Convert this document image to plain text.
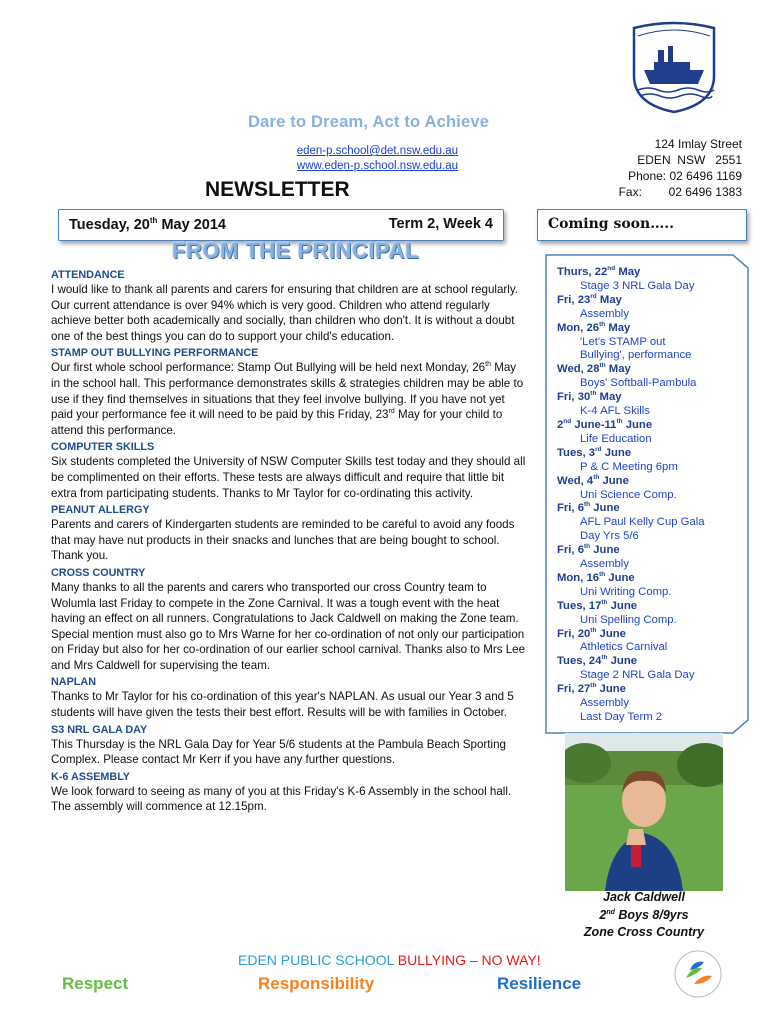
Dare to Dream, Act to Achieve
eden-p.school@det.nsw.edu.au
www.eden-p.school.nsw.edu.au
124 Imlay Street
EDEN NSW 2551
Phone: 02 6496 1169
Fax: 02 6496 1383
NEWSLETTER
Tuesday, 20th May 2014	Term 2, Week 4	Coming soon…..
FROM THE PRINCIPAL
ATTENDANCE

I would like to thank all parents and carers for ensuring that children are at school regularly. Our current attendance is over 94% which is very good. Children who attend regularly achieve better both academically and socially, than children who don't. It is without a doubt one of the best things you can do to support your child's education.

STAMP OUT BULLYING PERFORMANCE

Our first whole school performance: Stamp Out Bullying will be held next Monday, 26th May in the school hall. This performance demonstrates skills & strategies children may be able to use if they find themselves in situations that they feel involve bullying. If you have not yet paid your performance fee it will need to be paid by this Friday, 23rd May for your child to attend this performance.

COMPUTER SKILLS

Six students completed the University of NSW Computer Skills test today and they should all be complimented on their efforts. These tests are always difficult and require that little bit extra from participating students. Thanks to Mr Taylor for co-ordinating this activity.

PEANUT ALLERGY

Parents and carers of Kindergarten students are reminded to be careful to avoid any foods that may have nut products in their snacks and lunches that are being bought to school. Thank you.

CROSS COUNTRY

Many thanks to all the parents and carers who transported our cross Country team to Wolumla last Friday to compete in the Zone Carnival. It was a tough event with the heat having an effect on all runners. Congratulations to Jack Caldwell on making the Zone team. Special mention must also go to Mrs Warne for her co-ordination of not only our participation on Friday but also for her co-ordination of our earlier school carnival. Thanks also to Mrs Lee and Mrs Caldwell for supervising the team.

NAPLAN

Thanks to Mr Taylor for his co-ordination of this year's NAPLAN. As usual our Year 3 and 5 students will have given the tests their best effort. Results will be with families in October.

S3 NRL GALA DAY

This Thursday is the NRL Gala Day for Year 5/6 students at the Pambula Beach Sporting Complex. Please contact Mr Kerr if you have any further questions.

K-6 ASSEMBLY

We look forward to seeing as many of you at this Friday's K-6 Assembly in the school hall. The assembly will commence at 12.15pm.

Thurs, 22nd May
Stage 3 NRL Gala Day
Fri, 23rd May
Assembly
Mon, 26th May
'Let's STAMP out
Bullying', performance
Wed, 28th May
Boys' Softball-Pambula
Fri, 30th May
K-4 AFL Skills
2nd June-11th June
Life Education
Tues, 3rd June
P & C Meeting 6pm
Wed, 4th June
Uni Science Comp.
Fri, 6th June
AFL Paul Kelly Cup Gala
Day Yrs 5/6
Fri, 6th June
Assembly
Mon, 16th June
Uni Writing Comp.
Tues, 17th June
Uni Spelling Comp.
Fri, 20th June
Athletics Carnival
Tues, 24th June
Stage 2 NRL Gala Day
Fri, 27th June
Assembly
Last Day Term 2
Jack Caldwell
2nd Boys 8/9yrs
Zone Cross Country
EDEN PUBLIC SCHOOL BULLYING – NO WAY!
Respect	Responsibility	Resilience
